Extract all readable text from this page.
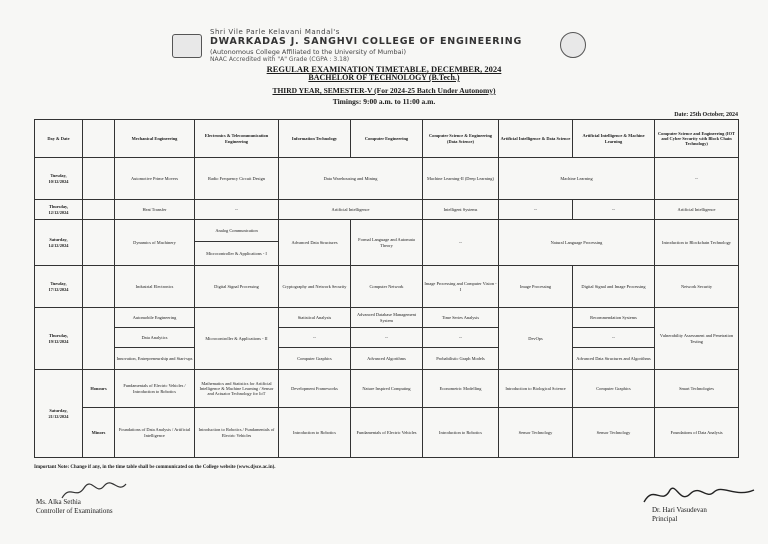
Shri Vile Parle Kelavani Mandal's
DWARKADAS J. SANGHVI COLLEGE OF ENGINEERING
(Autonomous College Affiliated to the University of Mumbai)
NAAC Accredited with "A" Grade (CGPA : 3.18)
REGULAR EXAMINATION TIMETABLE, DECEMBER, 2024
BACHELOR OF TECHNOLOGY (B.Tech.)
THIRD YEAR, SEMESTER-V (For 2024-25 Batch Under Autonomy)
Timings: 9:00 a.m. to 11:00 a.m.
Date: 25th October, 2024
Day & Date		Mechanical Engineering	Electronics & Telecommunication Engineering	Information Technology	Computer Engineering	Computer Science & Engineering (Data Science)	Artificial Intelligence & Data Science	Artificial Intelligence & Machine Learning	Computer Science and Engineering (IOT and Cyber Security with Block Chain Technology)
Tuesday,
10/12/2024		Automotive Prime Movers	Radio Frequency Circuit Design	Data Warehousing and Mining		Machine Learning-II (Deep Learning)	Machine Learning		--
Thursday,
12/12/2024		Heat Transfer	--	Artificial Intelligence		Intelligent Systems	--	--	Artificial Intelligence
Saturday,
14/12/2024		Dynamics of Machinery	Analog Communication	Advanced Data Structures	Formal Language and Automata Theory	--	Natural Language Processing		Introduction to Blockchain Technology
			Microcontroller & Applications - I						
Tuesday,
17/12/2024		Industrial Electronics	Digital Signal Processing	Cryptography and Network Security	Computer Network	Image Processing and Computer Vision - I	Image Processing	Digital Signal and Image Processing	Network Security
Thursday,
19/12/2024		Automobile Engineering	Microcontroller & Applications - II	Statistical Analysis	Advanced Database Management System	Time Series Analysis	DevOps	Recommendation Systems	Vulnerability Assessment and Penetration Testing
		Data Analytics		--	--	--		--	
		Innovation, Entrepreneurship and Start-ups		Computer Graphics	Advanced Algorithms	Probabilistic Graph Models		Advanced Data Structures and Algorithms	
Saturday,
21/12/2024	Honours	Fundamentals of Electric Vehicles / Introduction to Robotics	Mathematics and Statistics for Artificial Intelligence & Machine Learning / Sensor and Actuator Technology for IoT	Development Frameworks	Nature Inspired Computing	Econometric Modelling	Introduction to Biological Science	Computer Graphics	Smart Technologies
	Minors	Foundations of Data Analysis / Artificial Intelligence	Introduction to Robotics / Fundamentals of Electric Vehicles	Introduction to Robotics	Fundamentals of Electric Vehicles	Introduction to Robotics	Sensor Technology	Sensor Technology	Foundations of Data Analysis
Important Note: Change if any, in the time table shall be communicated on the College website (www.djsce.ac.in).
Ms. Alka Sethia
Controller of Examinations	Dr. Hari Vasudevan
Principal
